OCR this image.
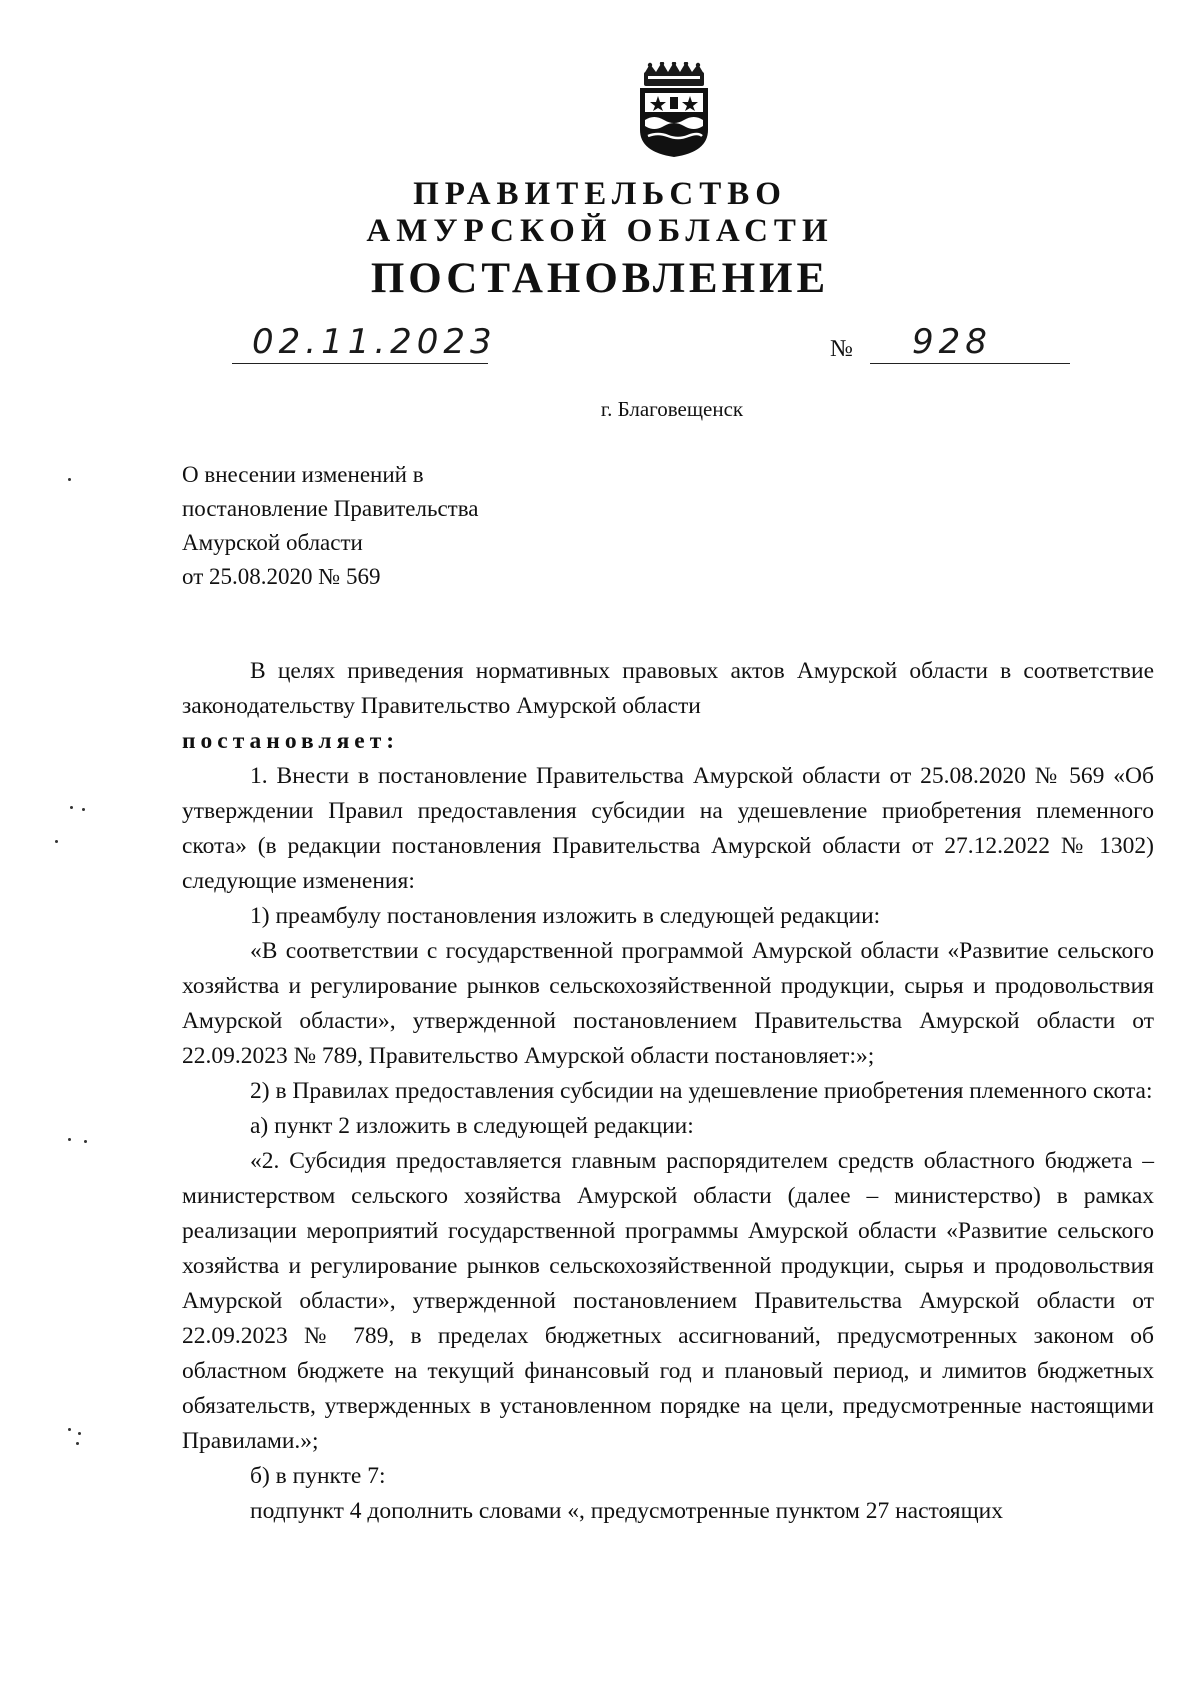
ПРАВИТЕЛЬСТВО
АМУРСКОЙ ОБЛАСТИ
ПОСТАНОВЛЕНИЕ
02.11.2023	№ 928
г. Благовещенск
О внесении изменений в
постановление Правительства
Амурской области
от 25.08.2020 № 569

В целях приведения нормативных правовых актов Амурской области в соответствие законодательству Правительство Амурской области

постановляет:

1. Внести в постановление Правительства Амурской области от 25.08.2020 № 569 «Об утверждении Правил предоставления субсидии на удешевление приобретения племенного скота» (в редакции постановления Правительства Амурской области от 27.12.2022 № 1302) следующие изменения:

1) преамбулу постановления изложить в следующей редакции:

«В соответствии с государственной программой Амурской области «Развитие сельского хозяйства и регулирование рынков сельскохозяйственной продукции, сырья и продовольствия Амурской области», утвержденной постановлением Правительства Амурской области от 22.09.2023 № 789, Правительство Амурской области постановляет:»;

2) в Правилах предоставления субсидии на удешевление приобретения племенного скота:

а) пункт 2 изложить в следующей редакции:

«2. Субсидия предоставляется главным распорядителем средств областного бюджета – министерством сельского хозяйства Амурской области (далее – министерство) в рамках реализации мероприятий государственной программы Амурской области «Развитие сельского хозяйства и регулирование рынков сельскохозяйственной продукции, сырья и продовольствия Амурской области», утвержденной постановлением Правительства Амурской области от 22.09.2023 № 789, в пределах бюджетных ассигнований, предусмотренных законом об областном бюджете на текущий финансовый год и плановый период, и лимитов бюджетных обязательств, утвержденных в установленном порядке на цели, предусмотренные настоящими Правилами.»;

б) в пункте 7:

подпункт 4 дополнить словами «, предусмотренные пунктом 27 настоящих
